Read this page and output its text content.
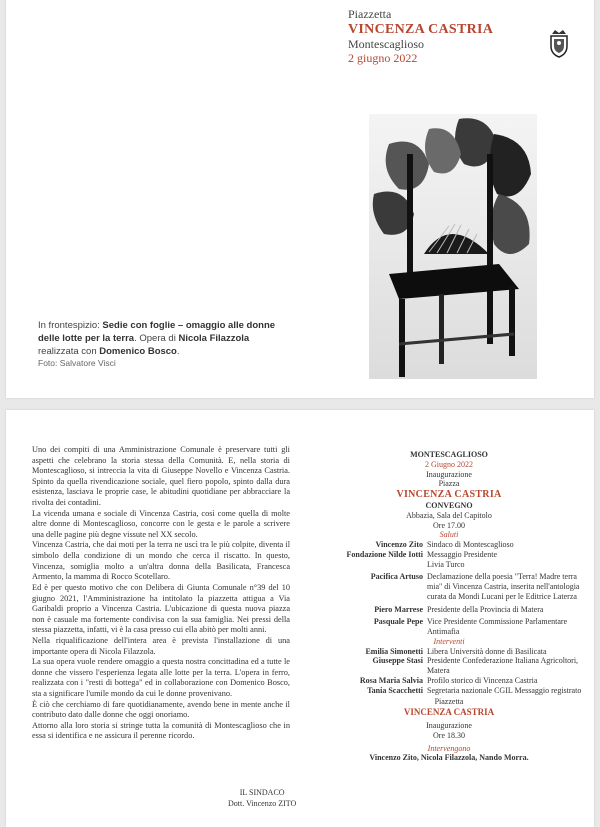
Piazzetta
VINCENZA CASTRIA
Montescaglioso
2 giugno 2022
In frontespizio: Sedie con foglie – omaggio alle donne delle lotte per la terra. Opera di Nicola Filazzola realizzata con Domenico Bosco.
Foto: Salvatore Visci

Uno dei compiti di una Amministrazione Comunale è preservare tutti gli aspetti che celebrano la storia stessa della Comunità. E, nella storia di Montescaglioso, si intreccia la vita di Giuseppe Novello e Vincenza Castria. Spinto da quella rivendicazione sociale, quel fiero popolo, spinto dalla dura esistenza, lasciava le proprie case, le abitudini quotidiane per abbracciare la rivolta dei contadini.

La vicenda umana e sociale di Vincenza Castria, così come quella di molte altre donne di Montescaglioso, concorre con le gesta e le parole a scrivere una delle pagine più degne vissute nel XX secolo.

Vincenza Castria, che dai moti per la terra ne uscì tra le più colpite, diventa il simbolo della condizione di un mondo che cerca il riscatto. In questo, Vincenza, somiglia molto a un'altra donna della Basilicata, Francesca Armento, la mamma di Rocco Scotellaro.

Ed è per questo motivo che con Delibera di Giunta Comunale n°39 del 10 giugno 2021, l'Amministrazione ha intitolato la piazzetta attigua a Via Garibaldi proprio a Vincenza Castria. L'ubicazione di questa nuova piazza non è casuale ma fortemente condivisa con la sua famiglia. Nei pressi della stessa piazzetta, infatti, vi è la casa presso cui ella abitò per molti anni.

Nella riqualificazione dell'intera area è prevista l'installazione di una importante opera di Nicola Filazzola.

La sua opera vuole rendere omaggio a questa nostra concittadina ed a tutte le donne che vissero l'esperienza legata alle lotte per la terra. L'opera in ferro, realizzata con i "resti di bottega" ed in collaborazione con Domenico Bosco, sta a significare l'umile mondo da cui le donne provenivano.

È ciò che cerchiamo di fare quotidianamente, avendo bene in mente anche il contributo dato dalle donne che oggi onoriamo.

Attorno alla loro storia si stringe tutta la comunità di Montescaglioso che in essa si identifica e ne assicura il perenne ricordo.

IL SINDACO
Dott. Vincenzo ZITO
MONTESCAGLIOSO
2 Giugno 2022
Inaugurazione
Piazza
VINCENZA CASTRIA
CONVEGNO
Abbazia, Sala del Capitolo
Ore 17.00
Saluti
Vincenzo Zito Sindaco di Montescaglioso
Fondazione Nilde Iotti Messaggio Presidente
Livia Turco
Pacifica Artuso Declamazione della poesia "Terra! Madre terra mia" di Vincenza Castria, inserita nell'antologia curata da Mondi Lucani per le Editrice Laterza
Piero Marrese Presidente della Provincia di Matera
Pasquale Pepe Vice Presidente Commissione Parlamentare Antimafia
Interventi
Emilia Simonetti Libera Università donne di Basilicata
Giuseppe Stasi Presidente Confederazione Italiana Agricoltori, Matera
Rosa Maria Salvia Profilo storico di Vincenza Castria
Tania Scacchetti Segretaria nazionale CGIL Messaggio registrato
Piazzetta
VINCENZA CASTRIA
Inaugurazione
Ore 18.30
Intervengono
Vincenzo Zito, Nicola Filazzola, Nando Morra.
